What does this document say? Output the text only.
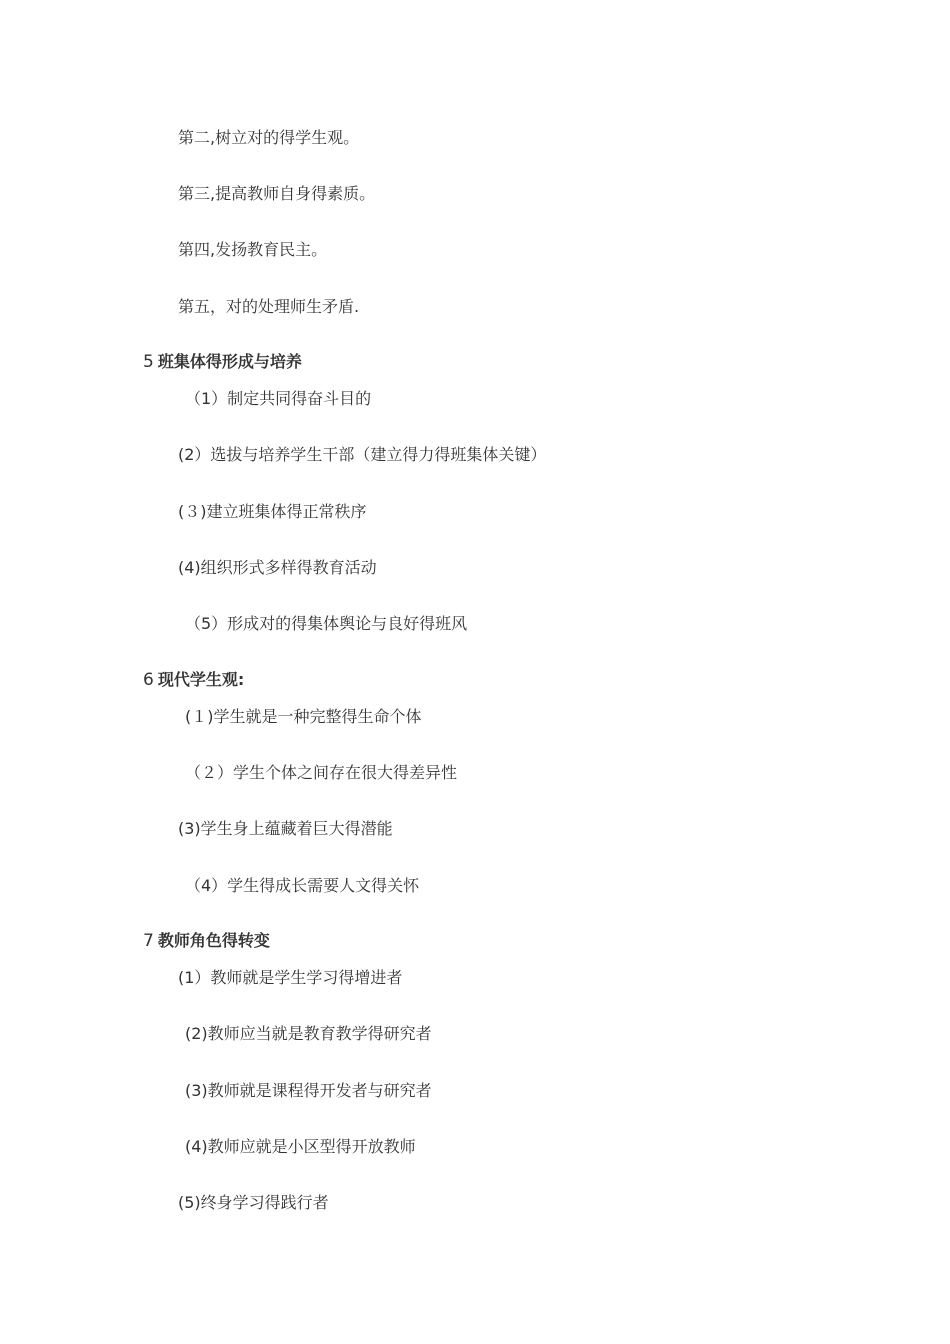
第二,树立对的得学生观。
第三,提高教师自身得素质。
第四,发扬教育民主。
第五，对的处理师生矛盾.
5 班集体得形成与培养
（1）制定共同得奋斗目的
(2）选拔与培养学生干部（建立得力得班集体关键）
(３)建立班集体得正常秩序
(4)组织形式多样得教育活动
（5）形成对的得集体舆论与良好得班风
6 现代学生观:
(１)学生就是一种完整得生命个体
（２）学生个体之间存在很大得差异性
(3)学生身上蕴藏着巨大得潜能
（4）学生得成长需要人文得关怀
7 教师角色得转变
(1）教师就是学生学习得增进者
(2)教师应当就是教育教学得研究者
(3)教师就是课程得开发者与研究者
(4)教师应就是小区型得开放教师
(5)终身学习得践行者
